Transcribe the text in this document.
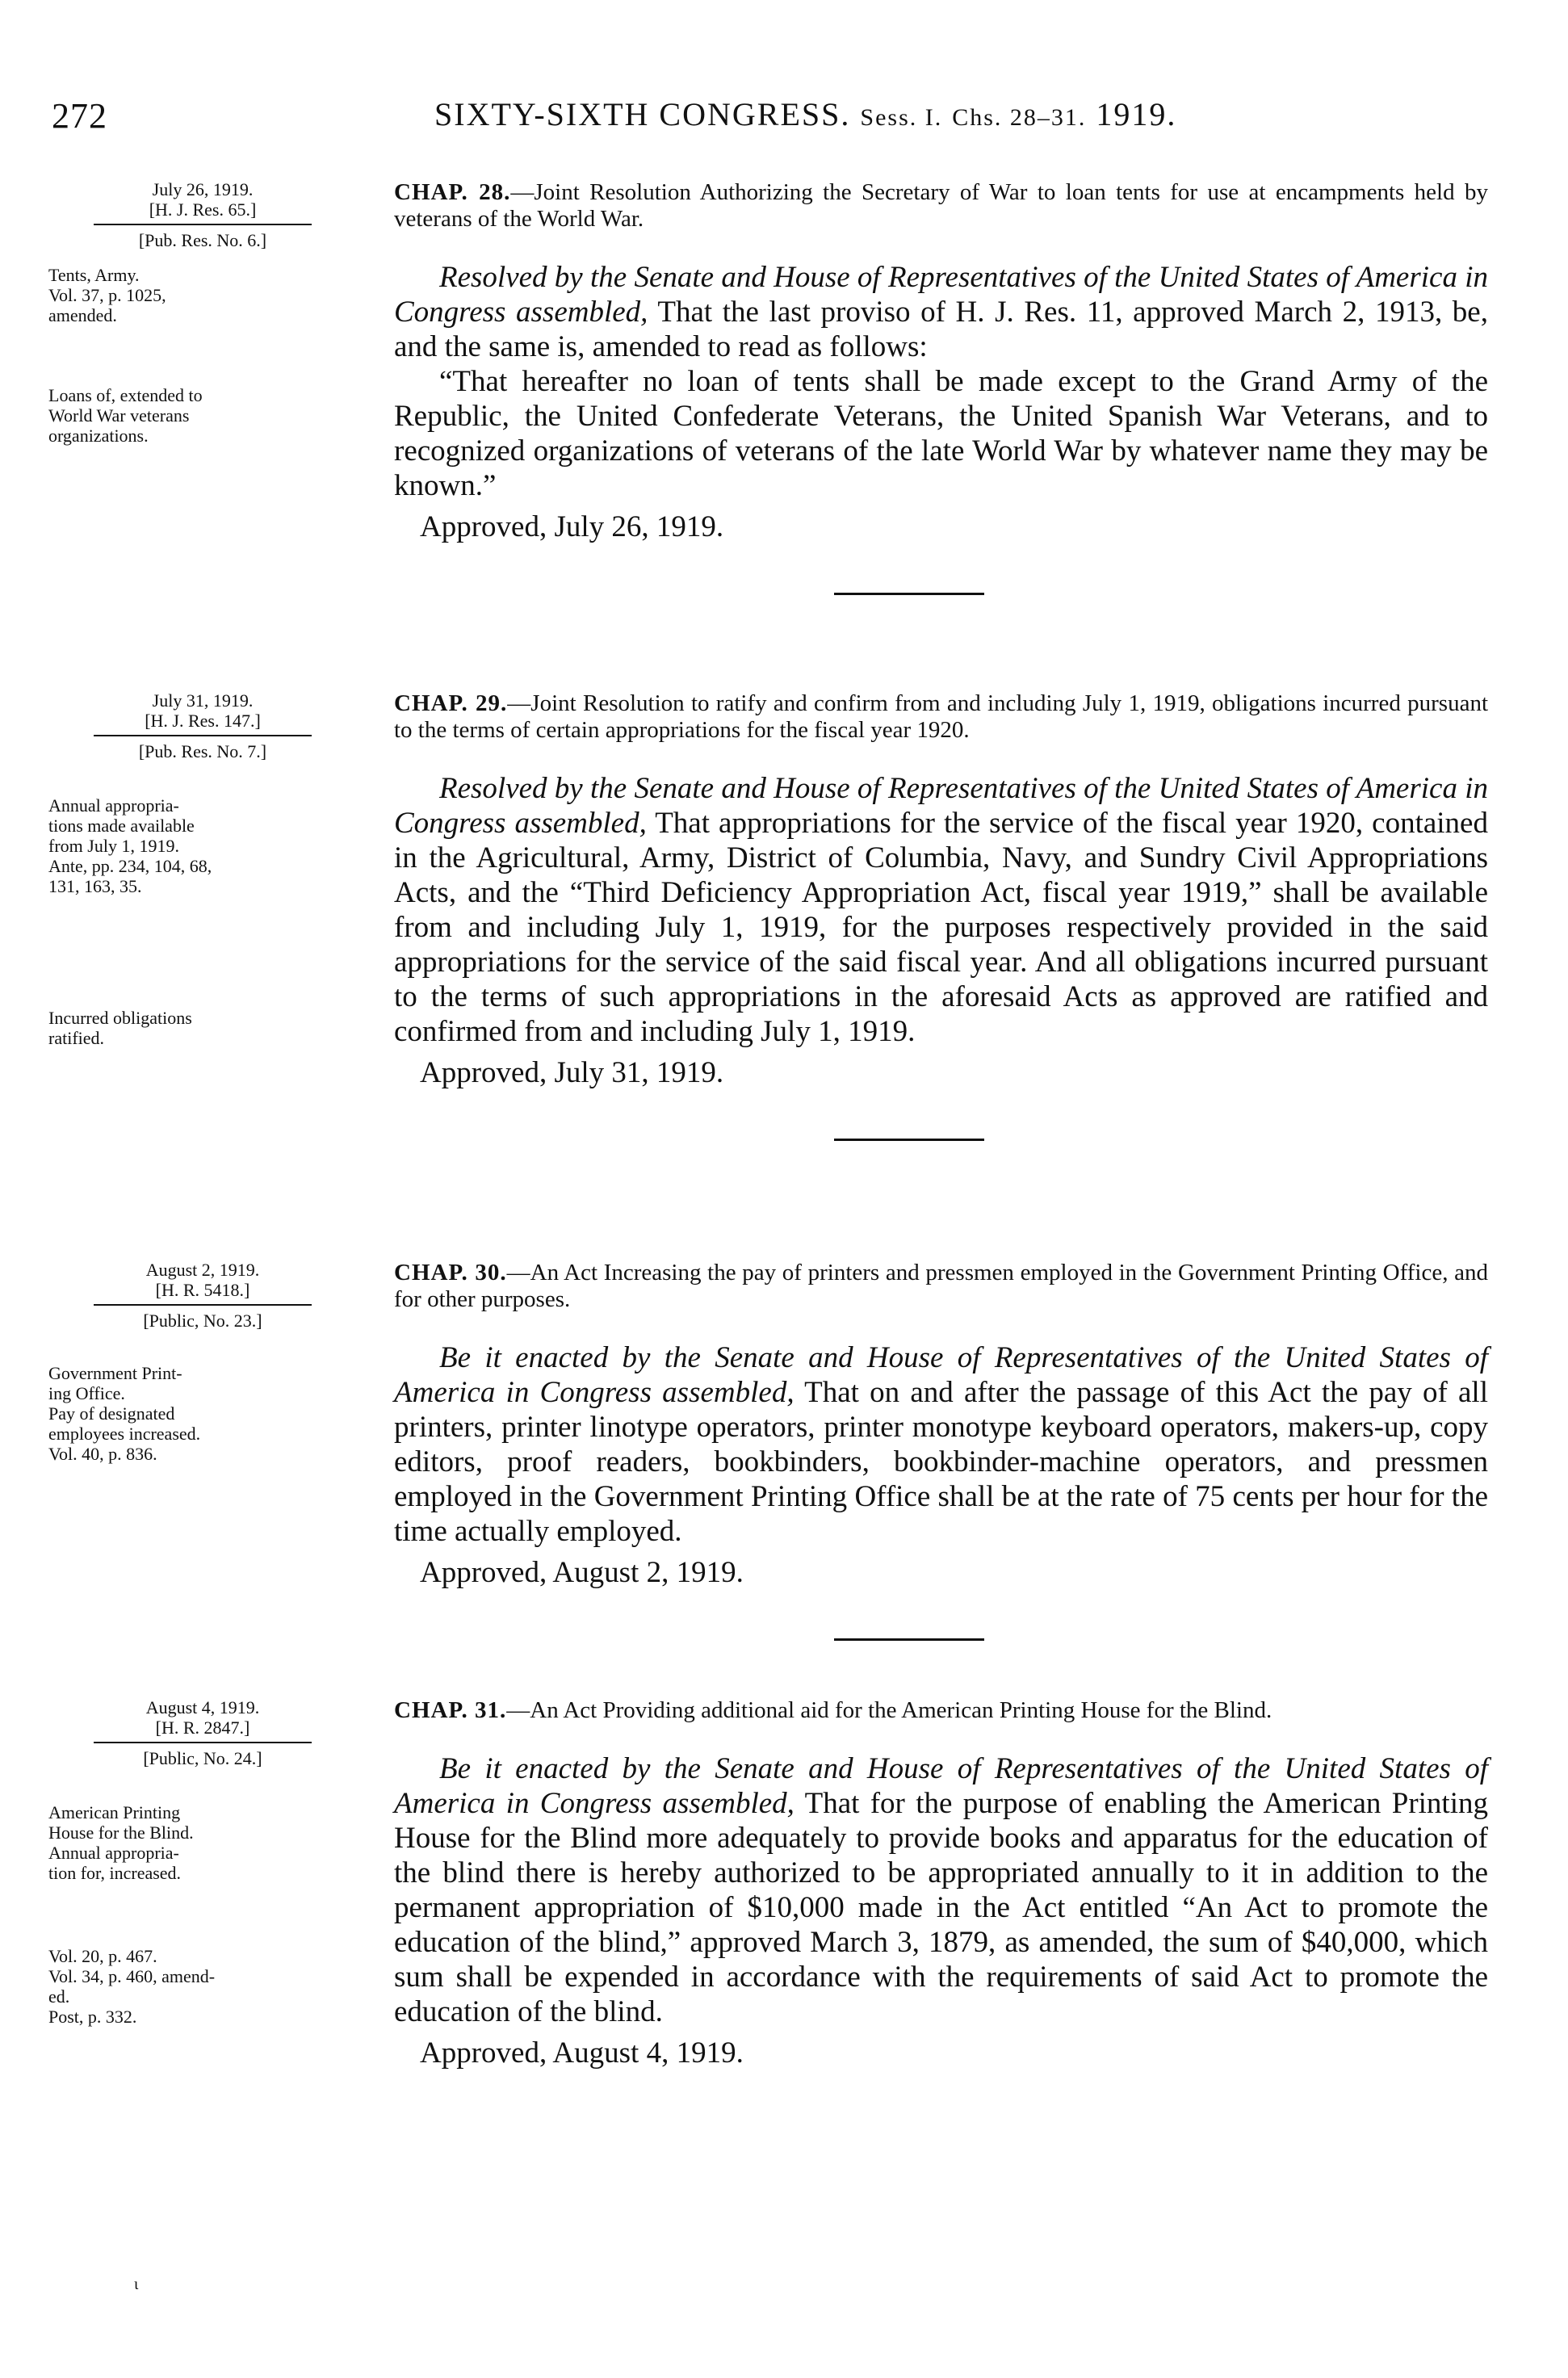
272	SIXTY-SIXTH CONGRESS. Sess. I. Chs. 28–31. 1919.
July 26, 1919.
[H. J. Res. 65.]
[Pub. Res. No. 6.]
Tents, Army.
Vol. 37, p. 1025,
amended.
Loans of, extended to
World War veterans
organizations.
CHAP. 28.—Joint Resolution Authorizing the Secretary of War to loan tents for use at encampments held by veterans of the World War.
Resolved by the Senate and House of Representatives of the United States of America in Congress assembled, That the last proviso of H. J. Res. 11, approved March 2, 1913, be, and the same is, amended to read as follows:
“That hereafter no loan of tents shall be made except to the Grand Army of the Republic, the United Confederate Veterans, the United Spanish War Veterans, and to recognized organizations of veterans of the late World War by whatever name they may be known.”
Approved, July 26, 1919.
July 31, 1919.
[H. J. Res. 147.]
[Pub. Res. No. 7.]
Annual appropria-
tions made available
from July 1, 1919.
Ante, pp. 234, 104, 68,
131, 163, 35.
Incurred obligations
ratified.
CHAP. 29.—Joint Resolution to ratify and confirm from and including July 1, 1919, obligations incurred pursuant to the terms of certain appropriations for the fiscal year 1920.
Resolved by the Senate and House of Representatives of the United States of America in Congress assembled, That appropriations for the service of the fiscal year 1920, contained in the Agricultural, Army, District of Columbia, Navy, and Sundry Civil Appropriations Acts, and the “Third Deficiency Appropriation Act, fiscal year 1919,” shall be available from and including July 1, 1919, for the purposes respectively provided in the said appropriations for the service of the said fiscal year. And all obligations incurred pursuant to the terms of such appropriations in the aforesaid Acts as approved are ratified and confirmed from and including July 1, 1919.
Approved, July 31, 1919.
August 2, 1919.
[H. R. 5418.]
[Public, No. 23.]
Government Print-
ing Office.
Pay of designated
employees increased.
Vol. 40, p. 836.
CHAP. 30.—An Act Increasing the pay of printers and pressmen employed in the Government Printing Office, and for other purposes.
Be it enacted by the Senate and House of Representatives of the United States of America in Congress assembled, That on and after the passage of this Act the pay of all printers, printer linotype operators, printer monotype keyboard operators, makers-up, copy editors, proof readers, bookbinders, bookbinder-machine operators, and pressmen employed in the Government Printing Office shall be at the rate of 75 cents per hour for the time actually employed.
Approved, August 2, 1919.
August 4, 1919.
[H. R. 2847.]
[Public, No. 24.]
American Printing
House for the Blind.
Annual appropria-
tion for, increased.
Vol. 20, p. 467.
Vol. 34, p. 460, amend-
ed.
Post, p. 332.
CHAP. 31.—An Act Providing additional aid for the American Printing House for the Blind.
Be it enacted by the Senate and House of Representatives of the United States of America in Congress assembled, That for the purpose of enabling the American Printing House for the Blind more adequately to provide books and apparatus for the education of the blind there is hereby authorized to be appropriated annually to it in addition to the permanent appropriation of $10,000 made in the Act entitled “An Act to promote the education of the blind,” approved March 3, 1879, as amended, the sum of $40,000, which sum shall be expended in accordance with the requirements of said Act to promote the education of the blind.
Approved, August 4, 1919.
ι
